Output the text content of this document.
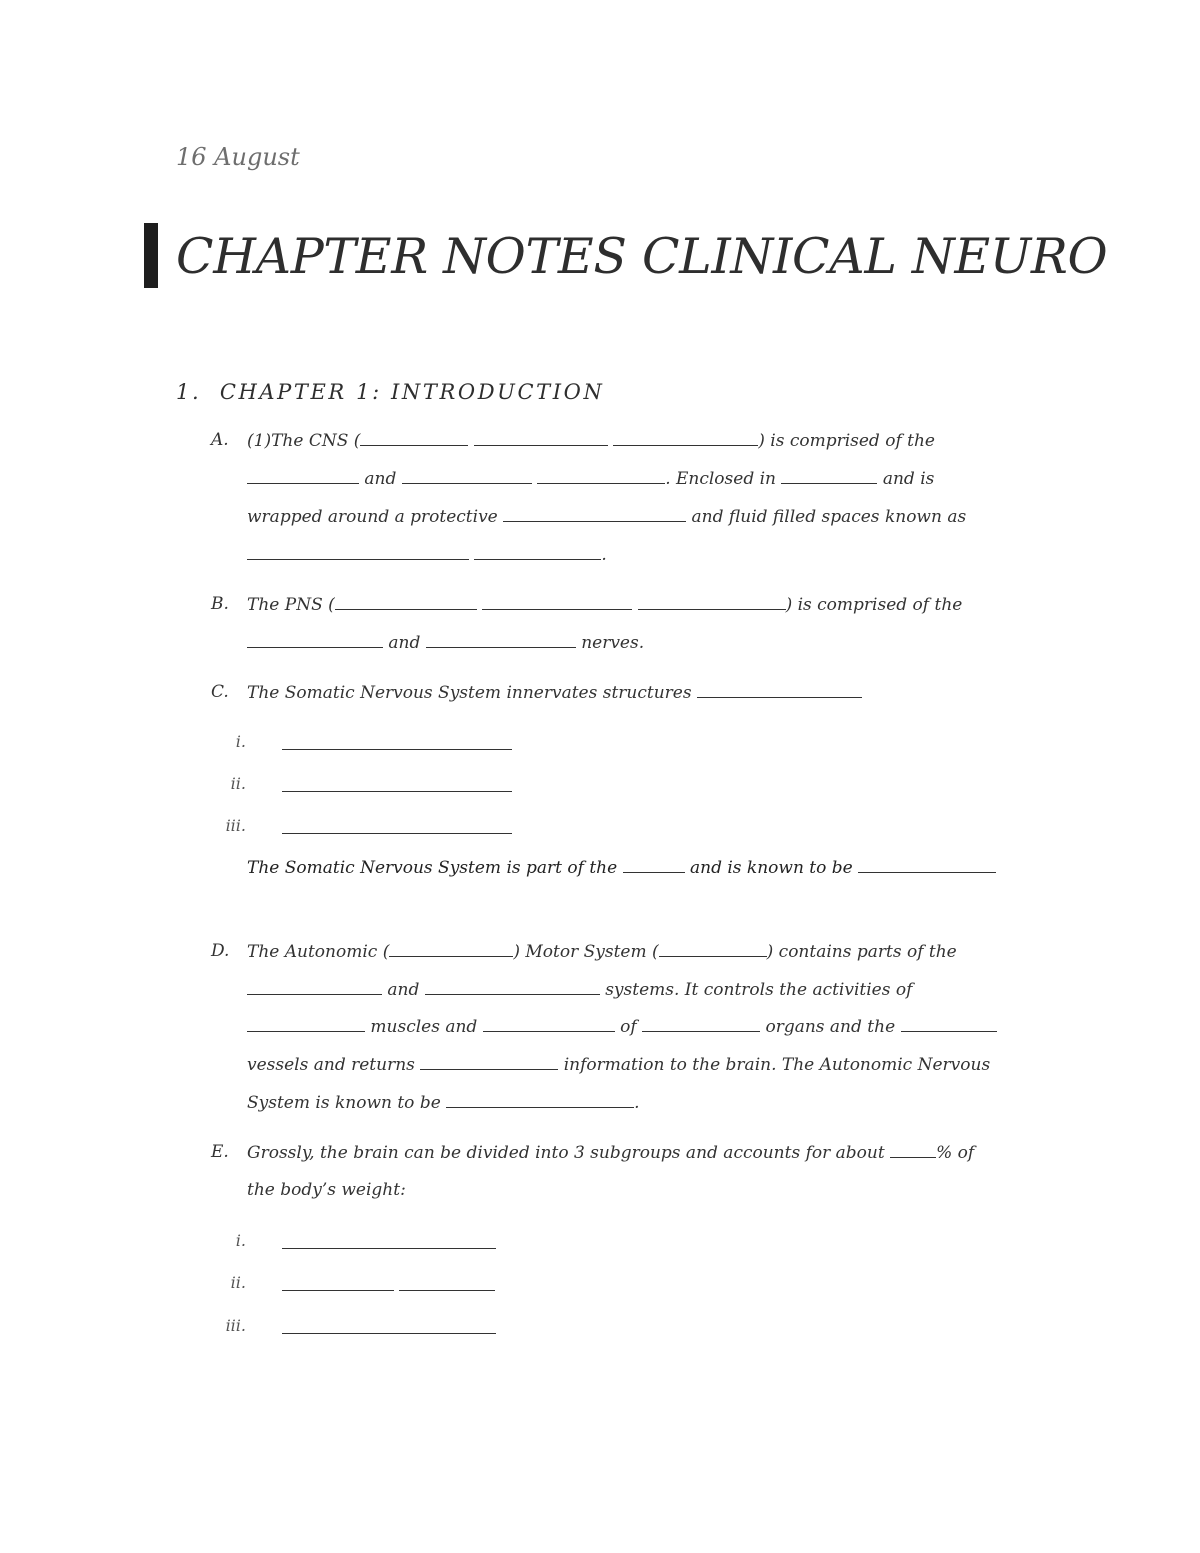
16 August
CHAPTER NOTES CLINICAL NEURO
1. CHAPTER 1: INTRODUCTION
A. (1)The CNS (	) is comprised of the
and	. Enclosed in	and is
wrapped around a protective	and fluid filled spaces known as
.
B. The PNS (	) is comprised of the
and	nerves.
C. The Somatic Nervous System innervates structures
i.
ii.
iii.
The Somatic Nervous System is part of the	and is known to be
D. The Autonomic (	) Motor System (	) contains parts of the
and	systems. It controls the activities of
muscles and	of	organs and the
vessels and returns	information to the brain. The Autonomic Nervous
System is known to be	.
E. Grossly, the brain can be divided into 3 subgroups and accounts for about	% of
the body’s weight:
i.
ii.

iii.
